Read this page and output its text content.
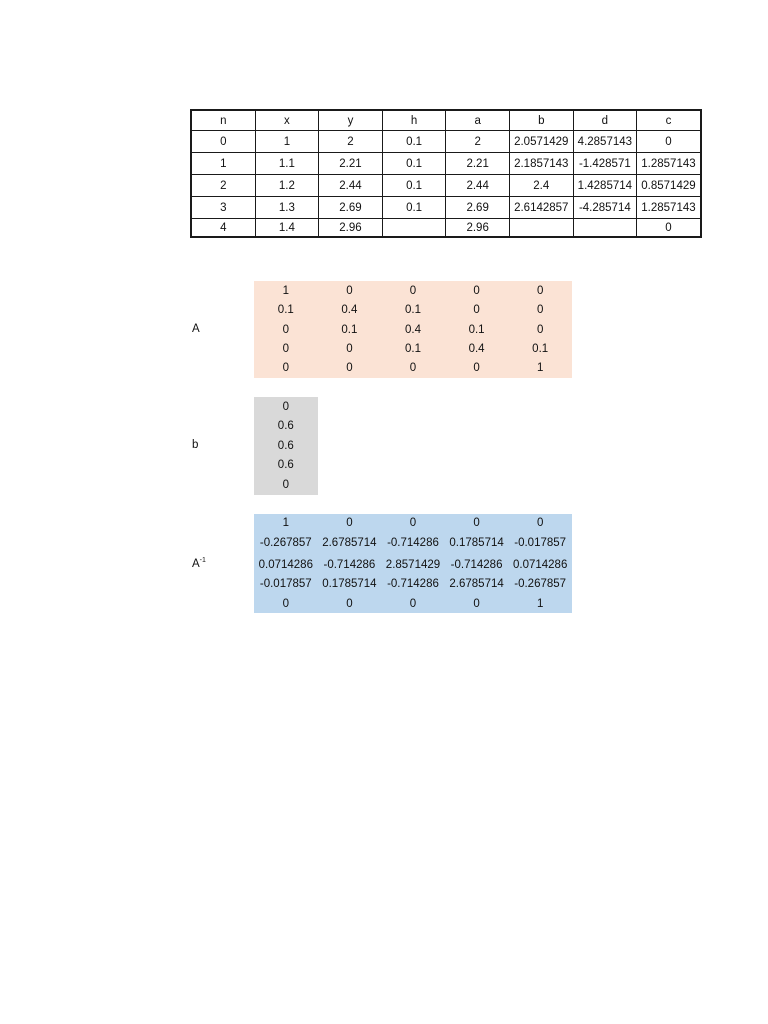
n	x	y	h	a	b	d	c
0	1	2	0.1	2	2.0571429	4.2857143	0
1	1.1	2.21	0.1	2.21	2.1857143	-1.428571	1.2857143
2	1.2	2.44	0.1	2.44	2.4	1.4285714	0.8571429
3	1.3	2.69	0.1	2.69	2.6142857	-4.285714	1.2857143
4	1.4	2.96		2.96			0
A
1	0	0	0	0
0.1	0.4	0.1	0	0
0	0.1	0.4	0.1	0
0	0	0.1	0.4	0.1
0	0	0	0	1
b
0
0.6
0.6
0.6
0
$A^{-1}$
1	0	0	0	0
-0.267857 2.6785714 -0.714286 0.1785714 -0.017857
0.0714286 -0.714286 2.8571429 -0.714286 0.0714286
-0.017857 0.1785714 -0.714286 2.6785714 -0.267857
0	0	0	0	1
